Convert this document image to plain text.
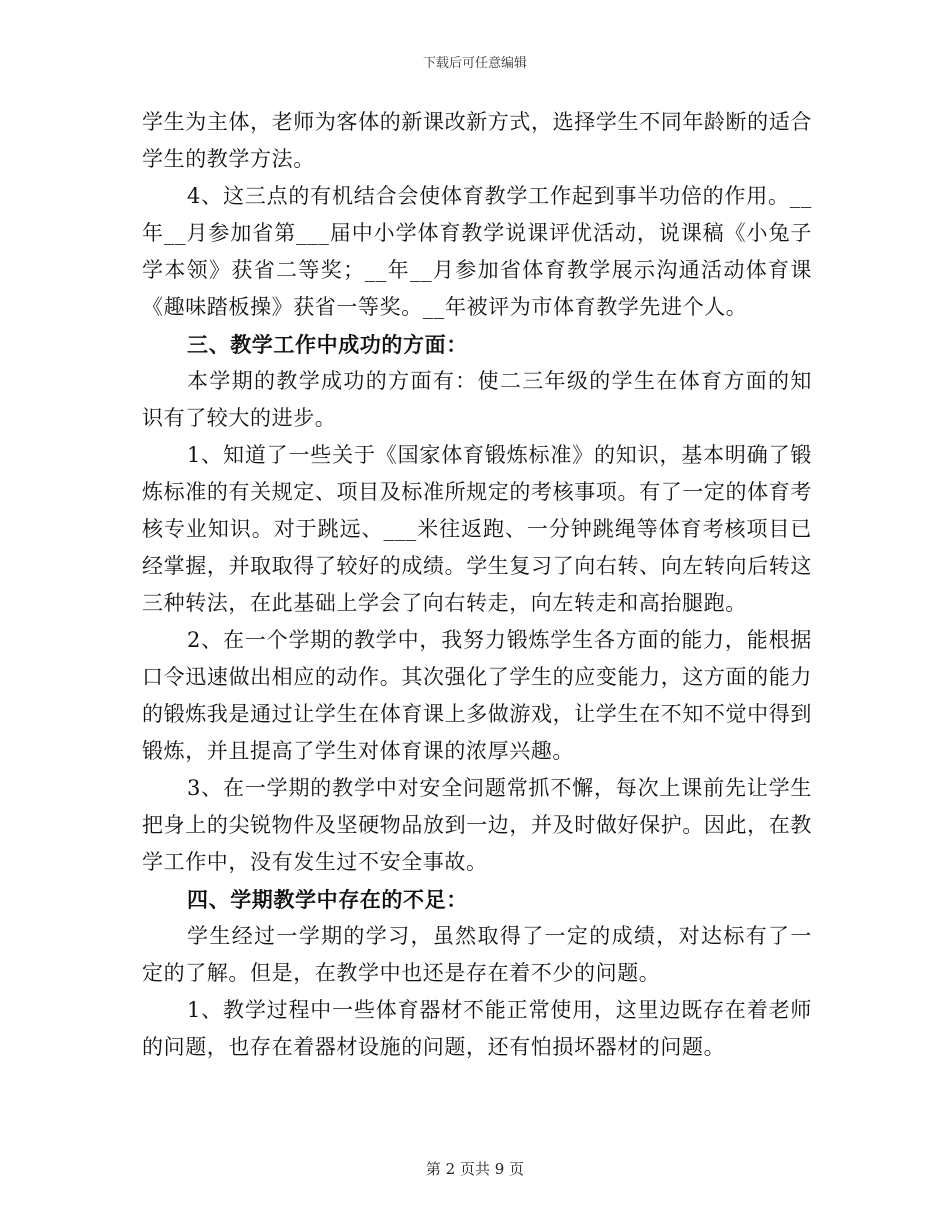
下载后可任意编辑

学生为主体，老师为客体的新课改新方式，选择学生不同年龄断的适合学生的教学方法。

4、这三点的有机结合会使体育教学工作起到事半功倍的作用。__年__月参加省第___届中小学体育教学说课评优活动，说课稿《小兔子学本领》获省二等奖；__年__月参加省体育教学展示沟通活动体育课《趣味踏板操》获省一等奖。__年被评为市体育教学先进个人。

三、教学工作中成功的方面：

本学期的教学成功的方面有：使二三年级的学生在体育方面的知识有了较大的进步。

1、知道了一些关于《国家体育锻炼标准》的知识，基本明确了锻炼标准的有关规定、项目及标准所规定的考核事项。有了一定的体育考核专业知识。对于跳远、___米往返跑、一分钟跳绳等体育考核项目已经掌握，并取取得了较好的成绩。学生复习了向右转、向左转向后转这三种转法，在此基础上学会了向右转走，向左转走和高抬腿跑。

2、在一个学期的教学中，我努力锻炼学生各方面的能力，能根据口令迅速做出相应的动作。其次强化了学生的应变能力，这方面的能力的锻炼我是通过让学生在体育课上多做游戏，让学生在不知不觉中得到锻炼，并且提高了学生对体育课的浓厚兴趣。

3、在一学期的教学中对安全问题常抓不懈，每次上课前先让学生把身上的尖锐物件及坚硬物品放到一边，并及时做好保护。因此，在教学工作中，没有发生过不安全事故。

四、学期教学中存在的不足：

学生经过一学期的学习，虽然取得了一定的成绩，对达标有了一定的了解。但是，在教学中也还是存在着不少的问题。

1、教学过程中一些体育器材不能正常使用，这里边既存在着老师的问题，也存在着器材设施的问题，还有怕损坏器材的问题。

第 2 页共 9 页
